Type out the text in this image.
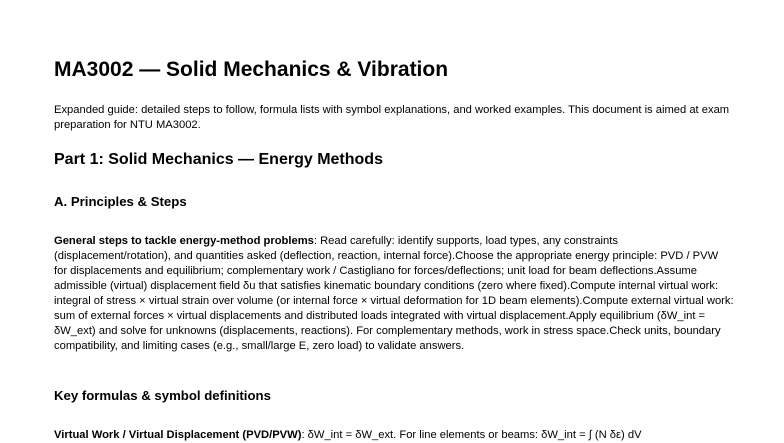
MA3002 — Solid Mechanics & Vibration

Expanded guide: detailed steps to follow, formula lists with symbol explanations, and worked examples. This document is aimed at exam preparation for NTU MA3002.

Part 1: Solid Mechanics — Energy Methods
A. Principles & Steps

General steps to tackle energy-method problems: Read carefully: identify supports, load types, any constraints (displacement/rotation), and quantities asked (deflection, reaction, internal force).Choose the appropriate energy principle: PVD / PVW for displacements and equilibrium; complementary work / Castigliano for forces/deflections; unit load for beam deflections.Assume admissible (virtual) displacement field δu that satisfies kinematic boundary conditions (zero where fixed).Compute internal virtual work: integral of stress × virtual strain over volume (or internal force × virtual deformation for 1D beam elements).Compute external virtual work: sum of external forces × virtual displacements and distributed loads integrated with virtual displacement.Apply equilibrium (δW_int = δW_ext) and solve for unknowns (displacements, reactions). For complementary methods, work in stress space.Check units, boundary compatibility, and limiting cases (e.g., small/large E, zero load) to validate answers.

Key formulas & symbol definitions

Virtual Work / Virtual Displacement (PVD/PVW): δW_int = δW_ext. For line elements or beams: δW_int = ∫ (N δε) dV
